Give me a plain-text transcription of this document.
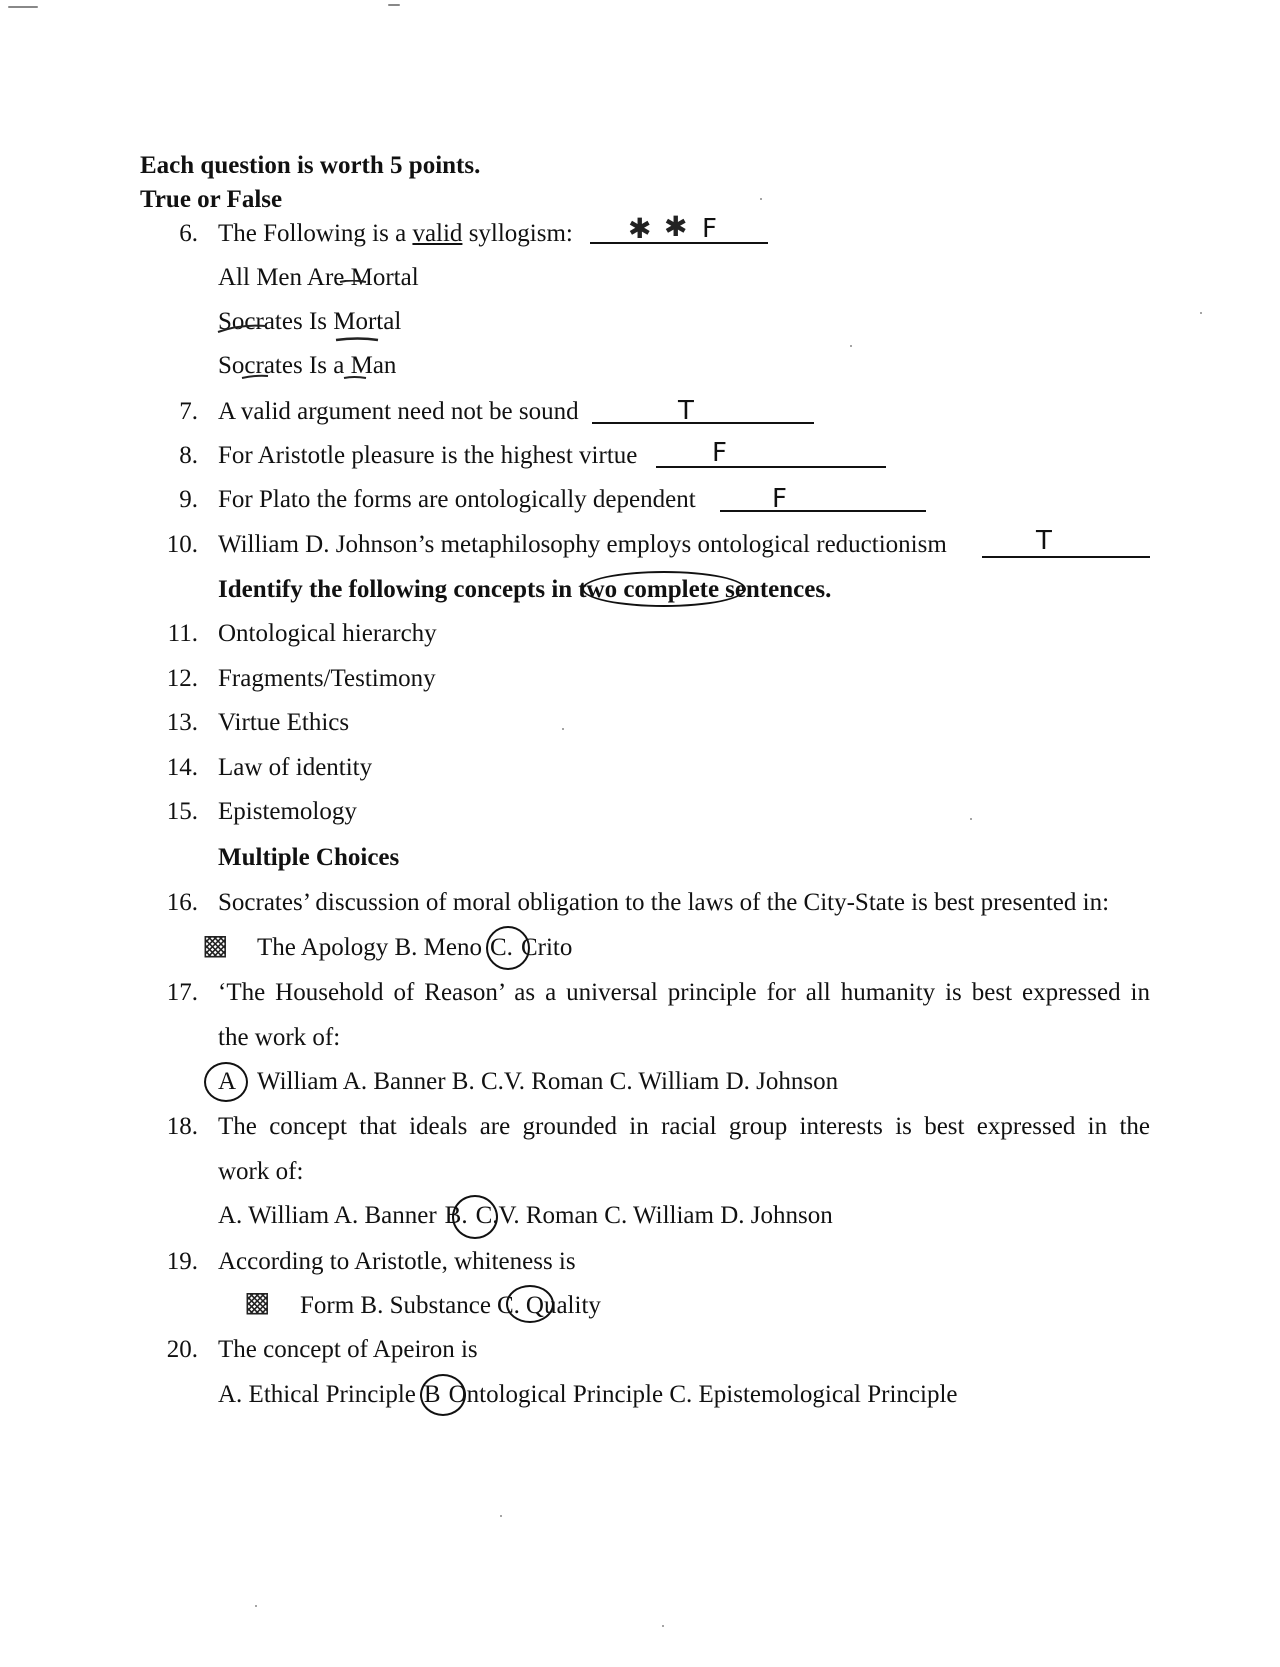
Each question is worth 5 points.
True or False
6. The Following is a valid syllogism: ✱ ✱ F
All Men Are Mortal
Socrates Is Mortal
Socrates Is a Man
7. A valid argument need not be sound	T
8. For Aristotle pleasure is the highest virtue	F
9. For Plato the forms are ontologically dependent	F
10. William D. Johnson’s metaphilosophy employs ontological reductionism	T
Identify the following concepts in two complete sentences.
11. Ontological hierarchy
12. Fragments/Testimony
13. Virtue Ethics
14. Law of identity
15. Epistemology
Multiple Choices
16. Socrates’ discussion of moral obligation to the laws of the City-State is best presented in:
▩ The Apology B. Meno C. Crito
17. ‘The Household of Reason’ as a universal principle for all humanity is best expressed in
the work of:
A William A. Banner B. C.V. Roman C. William D. Johnson
18. The concept that ideals are grounded in racial group interests is best expressed in the
work of:
A. William A. Banner B. C.V. Roman C. William D. Johnson
19. According to Aristotle, whiteness is
▩ Form B. Substance C. Quality
20. The concept of Apeiron is
A. Ethical Principle B Ontological Principle C. Epistemological Principle
